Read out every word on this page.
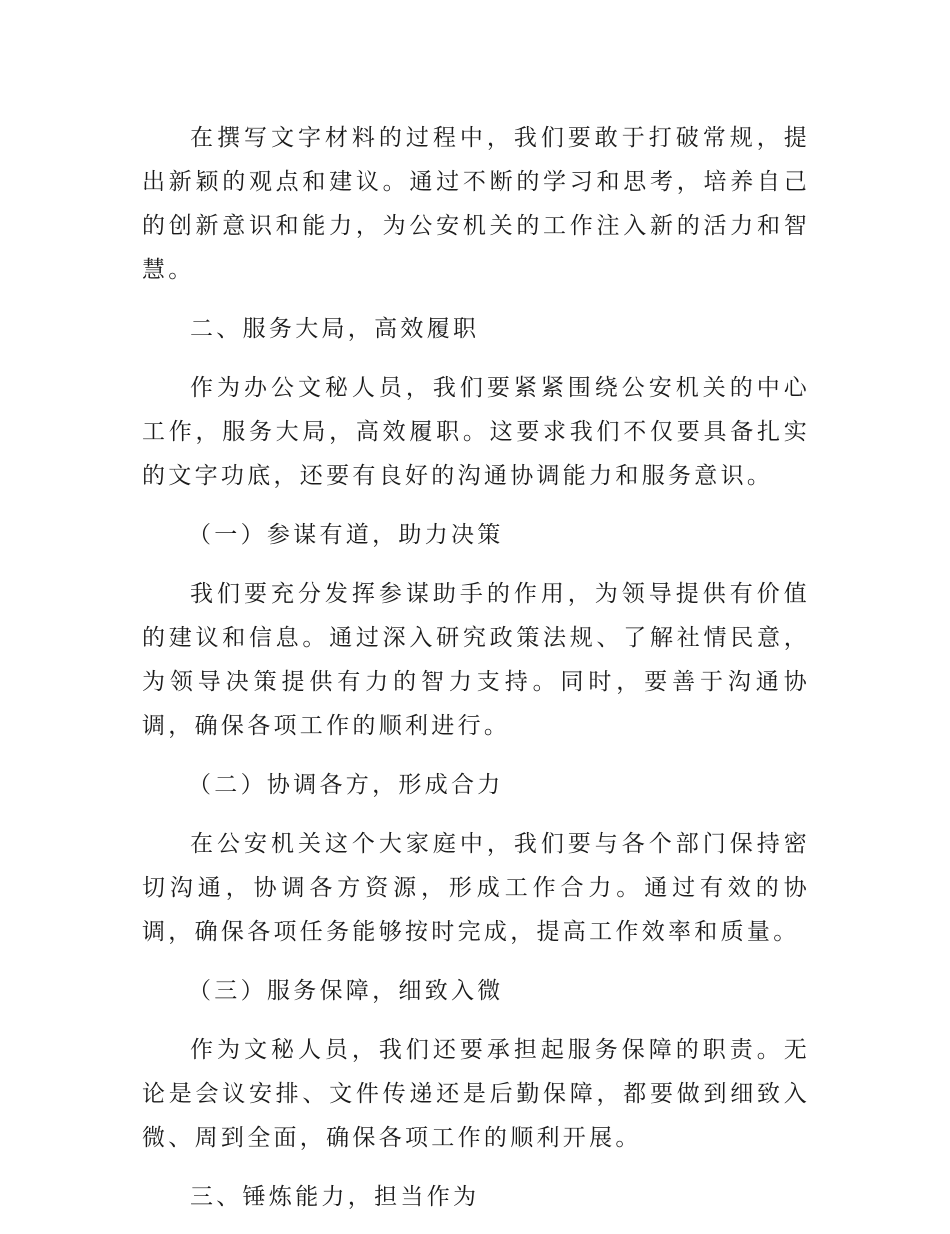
在撰写文字材料的过程中，我们要敢于打破常规，提出新颖的观点和建议。通过不断的学习和思考，培养自己的创新意识和能力，为公安机关的工作注入新的活力和智慧。

二、服务大局，高效履职

作为办公文秘人员，我们要紧紧围绕公安机关的中心工作，服务大局，高效履职。这要求我们不仅要具备扎实的文字功底，还要有良好的沟通协调能力和服务意识。

（一）参谋有道，助力决策

我们要充分发挥参谋助手的作用，为领导提供有价值的建议和信息。通过深入研究政策法规、了解社情民意，为领导决策提供有力的智力支持。同时，要善于沟通协调，确保各项工作的顺利进行。

（二）协调各方，形成合力

在公安机关这个大家庭中，我们要与各个部门保持密切沟通，协调各方资源，形成工作合力。通过有效的协调，确保各项任务能够按时完成，提高工作效率和质量。

（三）服务保障，细致入微

作为文秘人员，我们还要承担起服务保障的职责。无论是会议安排、文件传递还是后勤保障，都要做到细致入微、周到全面，确保各项工作的顺利开展。

三、锤炼能力，担当作为
